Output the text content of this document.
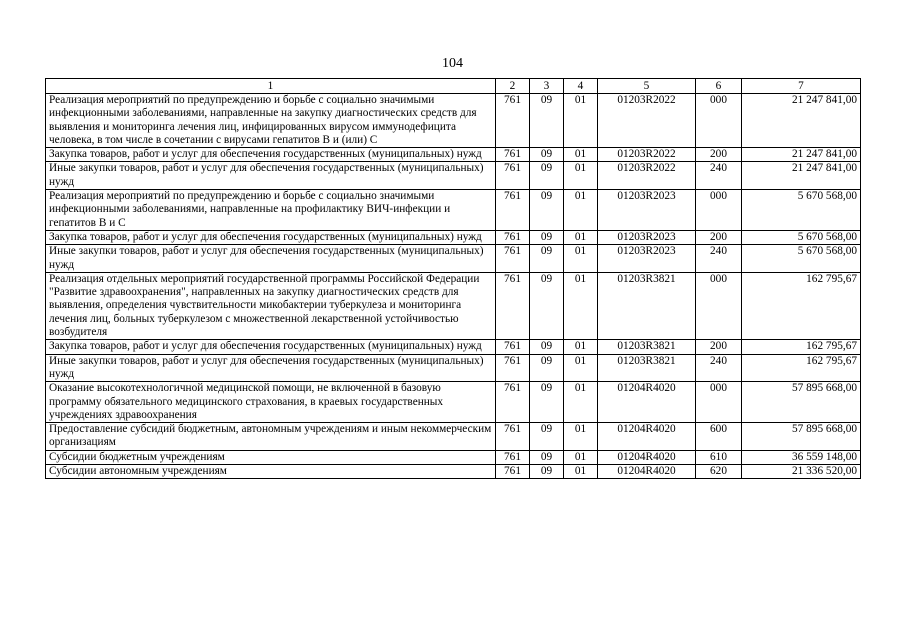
104
1	2	3	4	5	6	7
Реализация мероприятий по предупреждению и борьбе с социально значимыми инфекционными заболеваниями, направленные на закупку диагностических средств для выявления и мониторинга лечения лиц, инфицированных вирусом иммунодефицита человека, в том числе в сочетании с вирусами гепатитов В и (или) С	761	09	01	01203R2022	000	21 247 841,00
Закупка товаров, работ и услуг для обеспечения государственных (муниципальных) нужд	761	09	01	01203R2022	200	21 247 841,00
Иные закупки товаров, работ и услуг для обеспечения государственных (муниципальных) нужд	761	09	01	01203R2022	240	21 247 841,00
Реализация мероприятий по предупреждению и борьбе с социально значимыми инфекционными заболеваниями, направленные на профилактику ВИЧ-инфекции и гепатитов В и С	761	09	01	01203R2023	000	5 670 568,00
Закупка товаров, работ и услуг для обеспечения государственных (муниципальных) нужд	761	09	01	01203R2023	200	5 670 568,00
Иные закупки товаров, работ и услуг для обеспечения государственных (муниципальных) нужд	761	09	01	01203R2023	240	5 670 568,00
Реализация отдельных мероприятий государственной программы Российской Федерации "Развитие здравоохранения", направленных на закупку диагностических средств для выявления, определения чувствительности микобактерии туберкулеза и мониторинга лечения лиц, больных туберкулезом с множественной лекарственной устойчивостью возбудителя	761	09	01	01203R3821	000	162 795,67
Закупка товаров, работ и услуг для обеспечения государственных (муниципальных) нужд	761	09	01	01203R3821	200	162 795,67
Иные закупки товаров, работ и услуг для обеспечения государственных (муниципальных) нужд	761	09	01	01203R3821	240	162 795,67
Оказание высокотехнологичной медицинской помощи, не включенной в базовую программу обязательного медицинского страхования, в краевых государственных учреждениях здравоохранения	761	09	01	01204R4020	000	57 895 668,00
Предоставление субсидий бюджетным, автономным учреждениям и иным некоммерческим организациям	761	09	01	01204R4020	600	57 895 668,00
Субсидии бюджетным учреждениям	761	09	01	01204R4020	610	36 559 148,00
Субсидии автономным учреждениям	761	09	01	01204R4020	620	21 336 520,00
